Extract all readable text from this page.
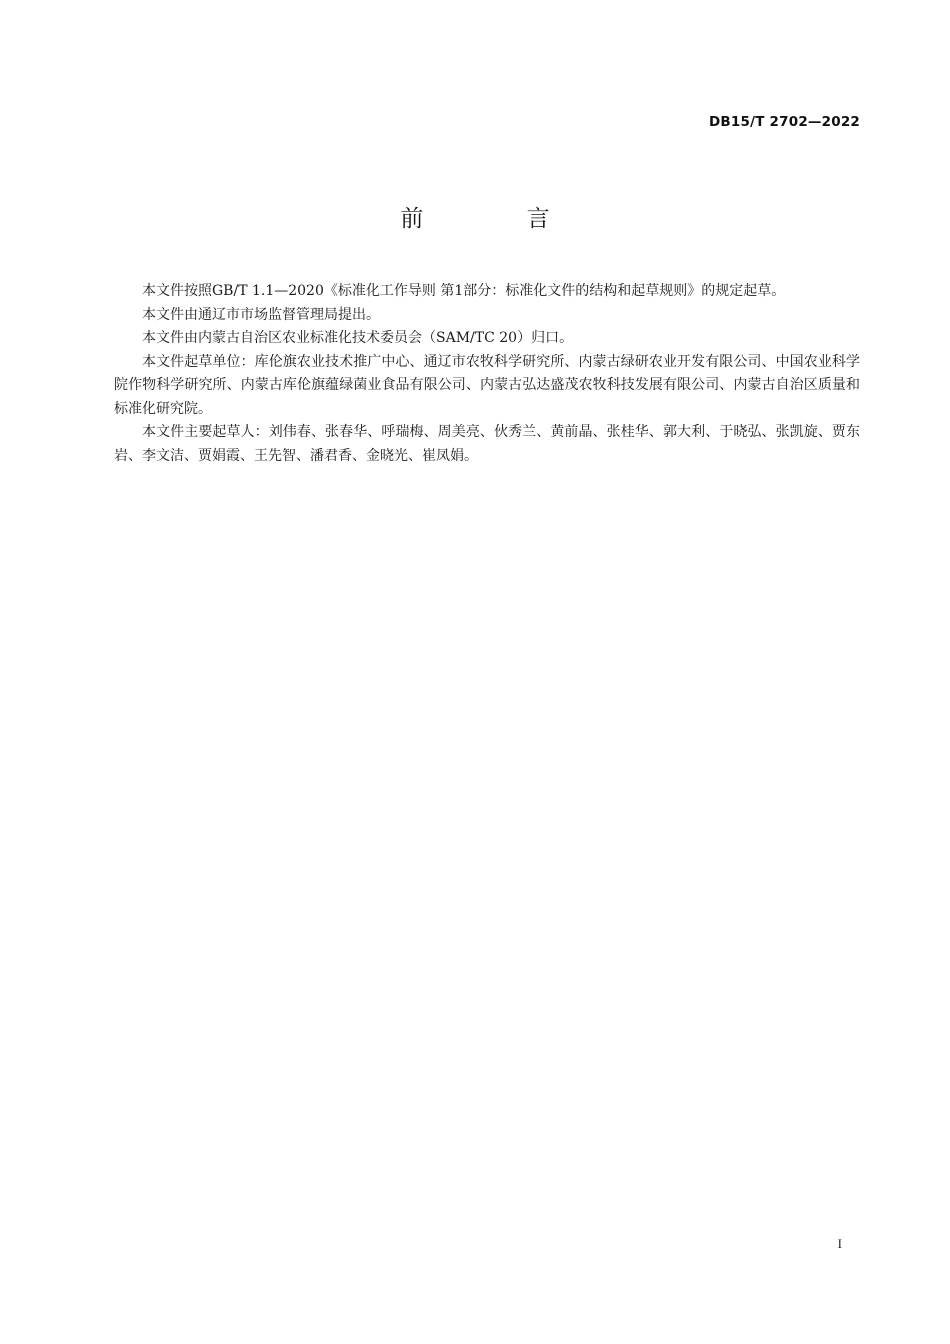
DB15/T 2702—2022
前 言

本文件按照GB/T 1.1—2020《标准化工作导则 第1部分：标准化文件的结构和起草规则》的规定起草。

本文件由通辽市市场监督管理局提出。

本文件由内蒙古自治区农业标准化技术委员会（SAM/TC 20）归口。

本文件起草单位：库伦旗农业技术推广中心、通辽市农牧科学研究所、内蒙古绿研农业开发有限公司、中国农业科学院作物科学研究所、内蒙古库伦旗蕴绿菌业食品有限公司、内蒙古弘达盛茂农牧科技发展有限公司、内蒙古自治区质量和标准化研究院。

本文件主要起草人：刘伟春、张春华、呼瑞梅、周美亮、伙秀兰、黄前晶、张桂华、郭大利、于晓弘、张凯旋、贾东岩、李文洁、贾娟霞、王先智、潘君香、金晓光、崔凤娟。

I
